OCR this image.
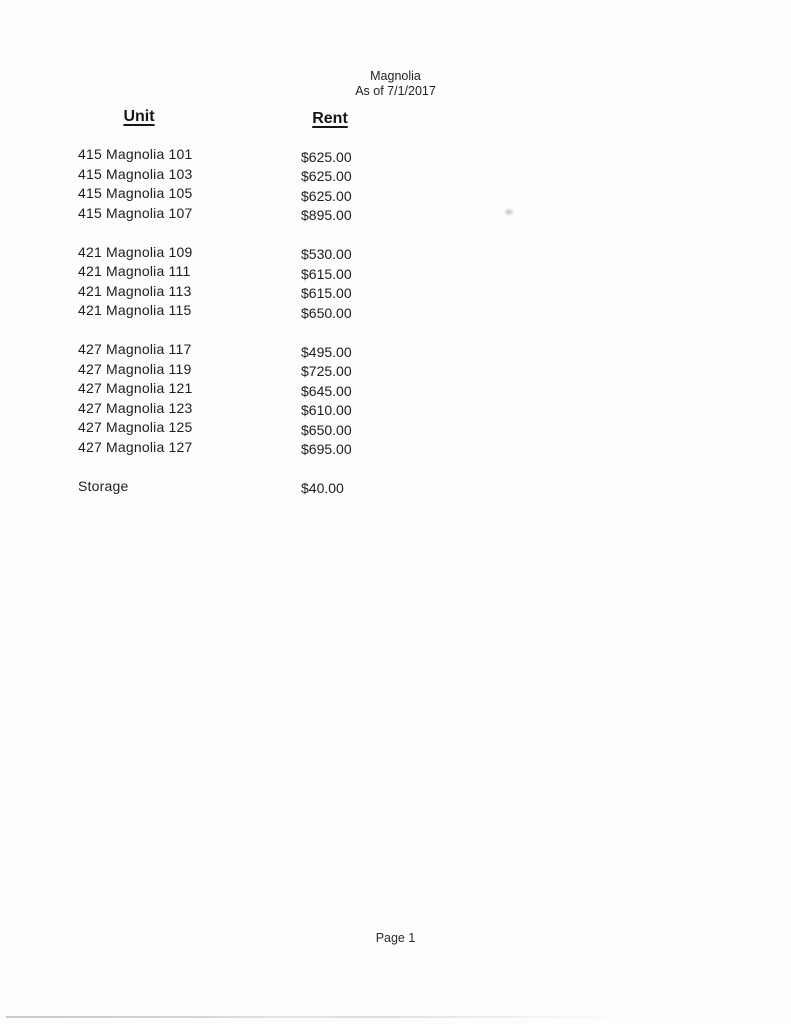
Magnolia
As of 7/1/2017
Unit	Rent
415 Magnolia 101	$625.00
415 Magnolia 103	$625.00
415 Magnolia 105	$625.00
415 Magnolia 107	$895.00
421 Magnolia 109	$530.00
421 Magnolia 111	$615.00
421 Magnolia 113	$615.00
421 Magnolia 115	$650.00
427 Magnolia 117	$495.00
427 Magnolia 119	$725.00
427 Magnolia 121	$645.00
427 Magnolia 123	$610.00
427 Magnolia 125	$650.00
427 Magnolia 127	$695.00
Storage	$40.00
Page 1
